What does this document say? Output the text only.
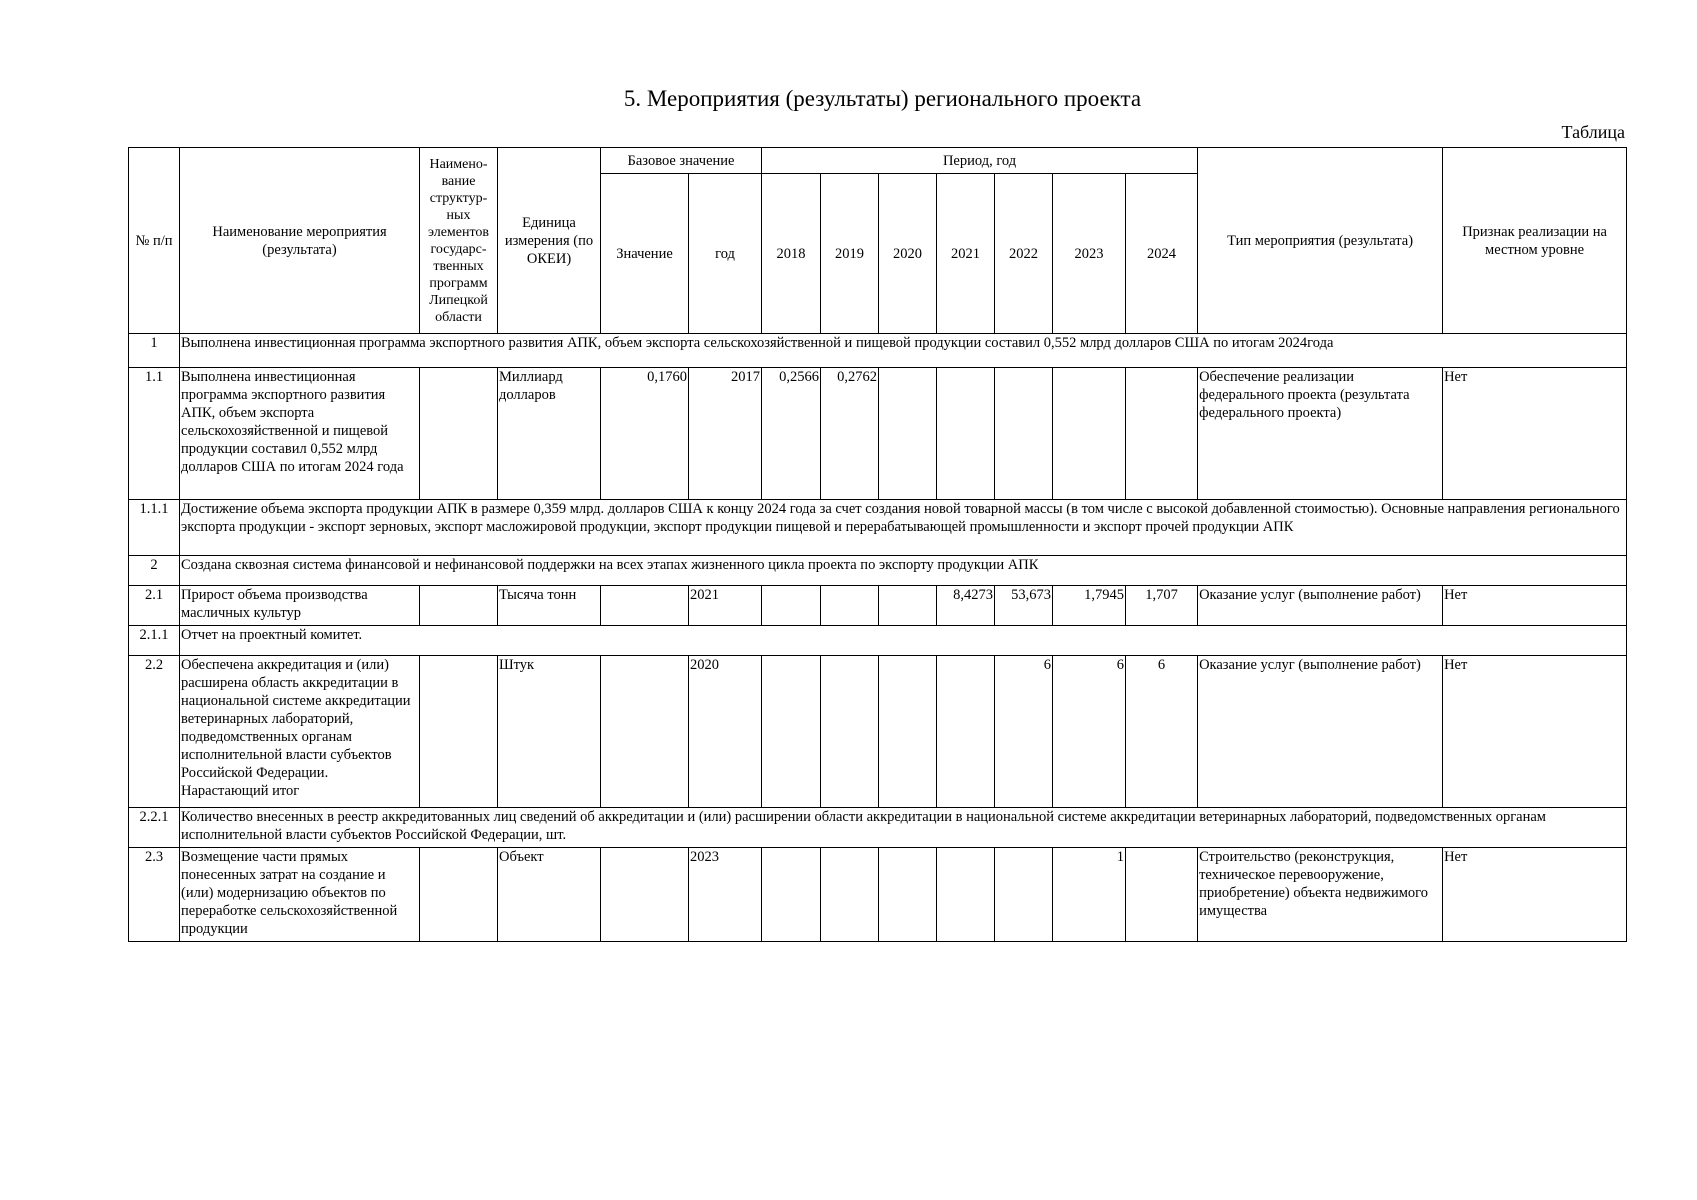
5. Мероприятия (результаты) регионального проекта
Таблица
№ п/п	Наименование мероприятия (результата)	Наимено-вание структур-ных элементов государс-твенных программ Липецкой области	Единица измерения (по ОКЕИ)	Базовое значение		Период, год							Тип мероприятия (результата)	Признак реализации на местном уровне
				Значение	год	2018	2019	2020	2021	2022	2023	2024		
1	Выполнена инвестиционная программа экспортного развития АПК, объем экспорта сельскохозяйственной и пищевой продукции составил 0,552 млрд долларов США по итогам 2024года													
1.1	Выполнена инвестиционная программа экспортного развития АПК, объем экспорта сельскохозяйственной и пищевой продукции составил 0,552 млрд долларов США по итогам 2024 года		Миллиард долларов	0,1760	2017	0,2566	0,2762						Обеспечение реализации федерального проекта (результата федерального проекта)	Нет
1.1.1	Достижение объема экспорта продукции АПК в размере 0,359 млрд. долларов США к концу 2024 года за счет создания новой товарной массы (в том числе с высокой добавленной стоимостью). Основные направления регионального экспорта продукции - экспорт зерновых, экспорт масложировой продукции, экспорт продукции пищевой и перерабатывающей промышленности и экспорт прочей продукции АПК													
2	Создана сквозная система финансовой и нефинансовой поддержки на всех этапах жизненного цикла проекта по экспорту продукции АПК													
2.1	Прирост объема производства масличных культур		Тысяча тонн		2021				8,4273	53,673	1,7945	1,707	Оказание услуг (выполнение работ)	Нет
2.1.1	Отчет на проектный комитет.													
2.2	Обеспечена аккредитация и (или) расширена область аккредитации в национальной системе аккредитации ветеринарных лабораторий, подведомственных органам исполнительной власти субъектов Российской Федерации. Нарастающий итог		Штук		2020					6	6	6	Оказание услуг (выполнение работ)	Нет
2.2.1	Количество внесенных в реестр аккредитованных лиц сведений об аккредитации и (или) расширении области аккредитации в национальной системе аккредитации ветеринарных лабораторий, подведомственных органам исполнительной власти субъектов Российской Федерации, шт.													
2.3	Возмещение части прямых понесенных затрат на создание и (или) модернизацию объектов по переработке сельскохозяйственной продукции		Объект		2023						1		Строительство (реконструкция, техническое перевооружение, приобретение) объекта недвижимого имущества	Нет
